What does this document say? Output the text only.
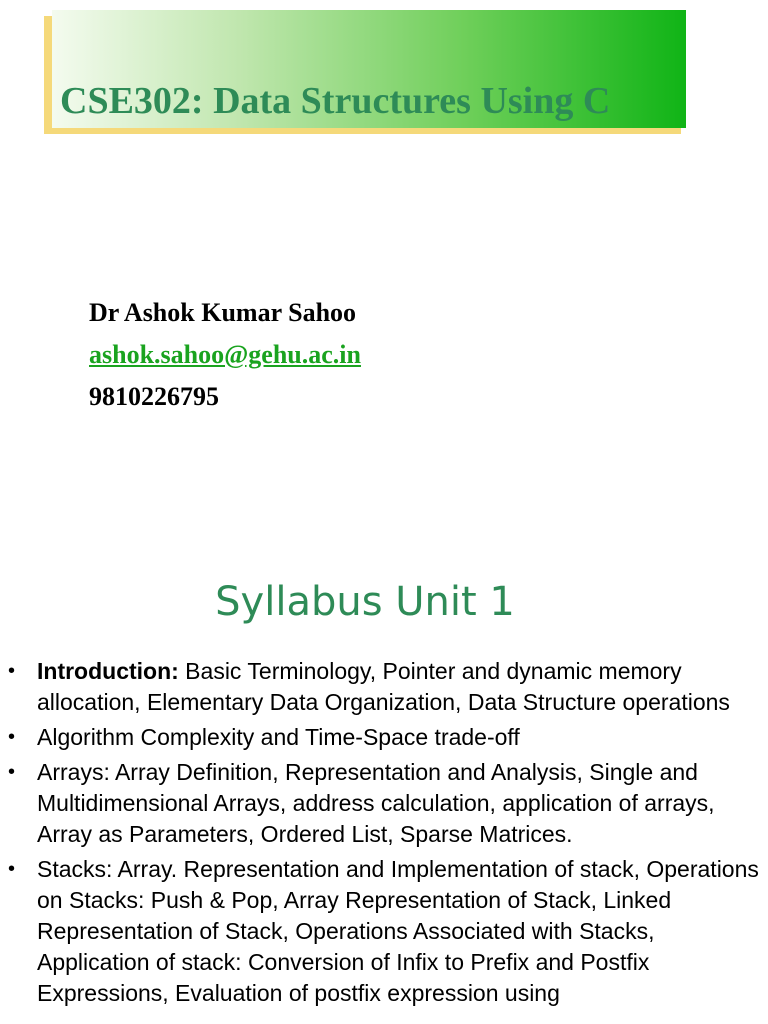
CSE302: Data Structures Using C
Dr Ashok Kumar Sahoo
ashok.sahoo@gehu.ac.in
9810226795
Syllabus Unit 1
• Introduction: Basic Terminology, Pointer and dynamic memory allocation, Elementary Data Organization, Data Structure operations
• Algorithm Complexity and Time-Space trade-off
• Arrays: Array Definition, Representation and Analysis, Single and Multidimensional Arrays, address calculation, application of arrays, Array as Parameters, Ordered List, Sparse Matrices.
• Stacks: Array. Representation and Implementation of stack, Operations on Stacks: Push & Pop, Array Representation of Stack, Linked Representation of Stack, Operations Associated with Stacks, Application of stack: Conversion of Infix to Prefix and Postfix Expressions, Evaluation of postfix expression using
